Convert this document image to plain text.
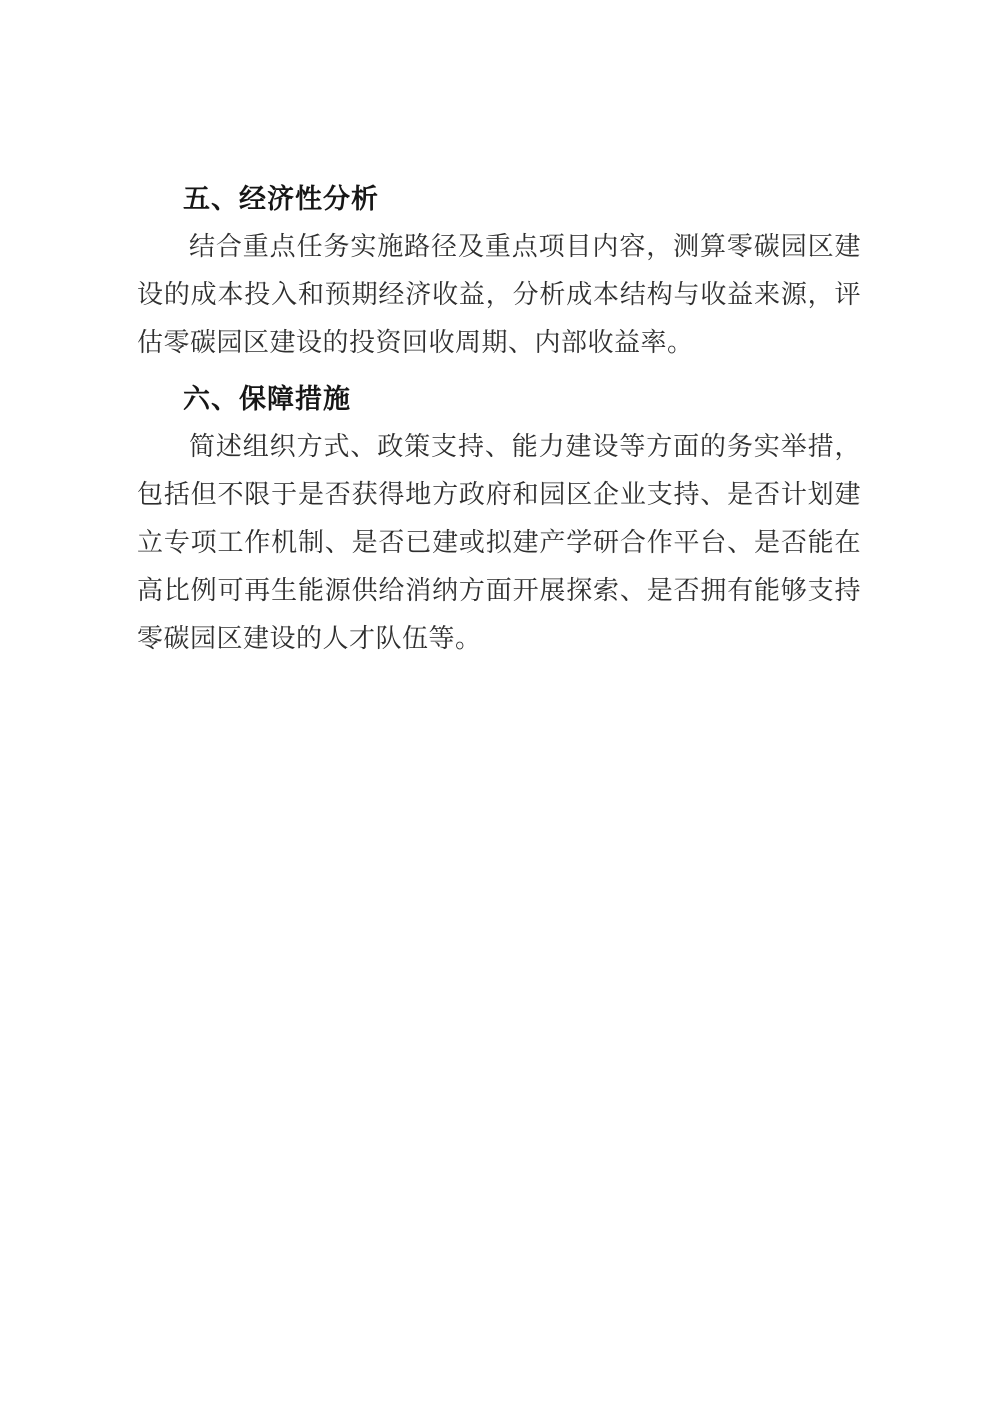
五、经济性分析

结合重点任务实施路径及重点项目内容，测算零碳园区建设的成本投入和预期经济收益，分析成本结构与收益来源，评估零碳园区建设的投资回收周期、内部收益率。

六、保障措施

简述组织方式、政策支持、能力建设等方面的务实举措，包括但不限于是否获得地方政府和园区企业支持、是否计划建立专项工作机制、是否已建或拟建产学研合作平台、是否能在高比例可再生能源供给消纳方面开展探索、是否拥有能够支持零碳园区建设的人才队伍等。
